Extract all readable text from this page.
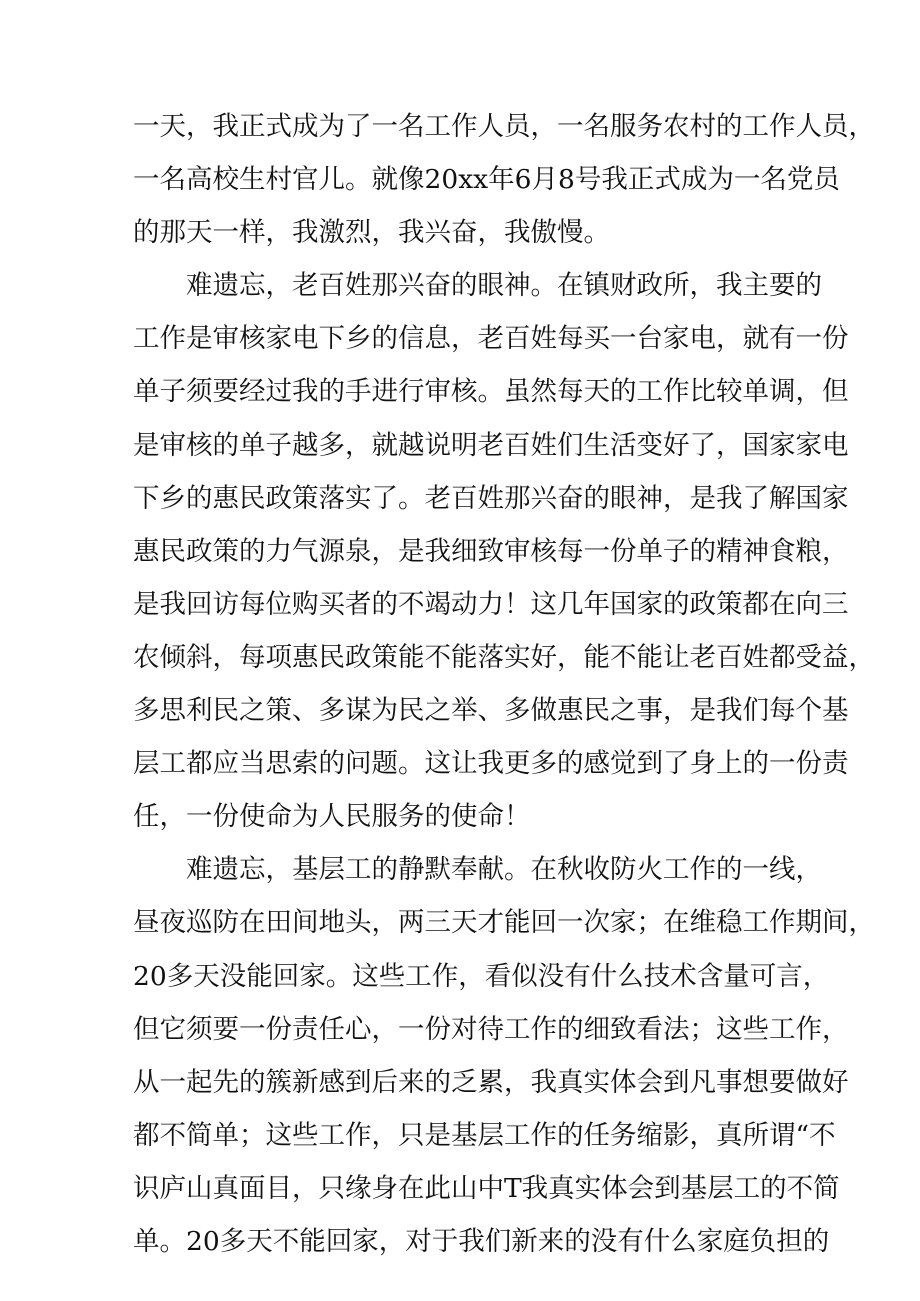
一天，我正式成为了一名工作人员，一名服务农村的工作人员，
一名高校生村官儿。就像20xx年6月8号我正式成为一名党员
的那天一样，我激烈，我兴奋，我傲慢。
难遗忘，老百姓那兴奋的眼神。在镇财政所，我主要的
工作是审核家电下乡的信息，老百姓每买一台家电，就有一份
单子须要经过我的手进行审核。虽然每天的工作比较单调，但
是审核的单子越多，就越说明老百姓们生活变好了，国家家电
下乡的惠民政策落实了。老百姓那兴奋的眼神，是我了解国家
惠民政策的力气源泉，是我细致审核每一份单子的精神食粮，
是我回访每位购买者的不竭动力！这几年国家的政策都在向三
农倾斜，每项惠民政策能不能落实好，能不能让老百姓都受益，
多思利民之策、多谋为民之举、多做惠民之事，是我们每个基
层工都应当思索的问题。这让我更多的感觉到了身上的一份责
任，一份使命为人民服务的使命！
难遗忘，基层工的静默奉献。在秋收防火工作的一线，
昼夜巡防在田间地头，两三天才能回一次家；在维稳工作期间，
20多天没能回家。这些工作，看似没有什么技术含量可言，
但它须要一份责任心，一份对待工作的细致看法；这些工作，
从一起先的簇新感到后来的乏累，我真实体会到凡事想要做好
都不简单；这些工作，只是基层工作的任务缩影，真所谓“不
识庐山真面目，只缘身在此山中T我真实体会到基层工的不简
单。20多天不能回家，对于我们新来的没有什么家庭负担的
